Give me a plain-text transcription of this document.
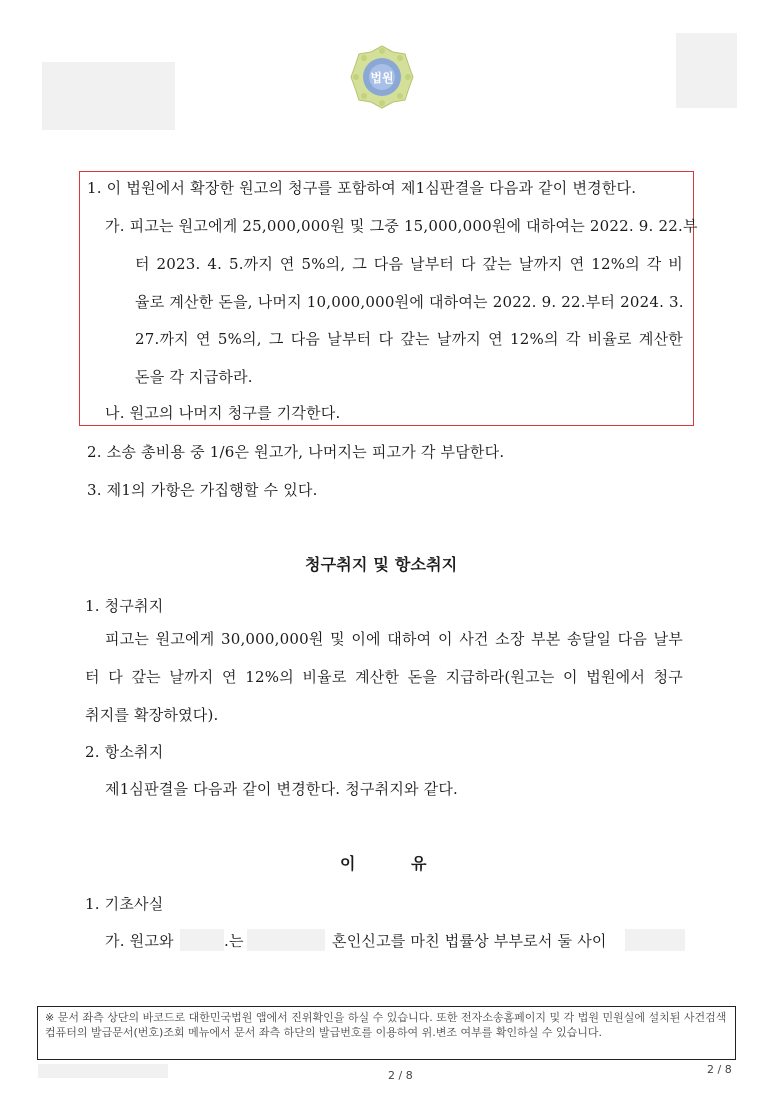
법원
1. 이 법원에서 확장한 원고의 청구를 포함하여 제1심판결을 다음과 같이 변경한다.
가. 피고는 원고에게 25,000,000원 및 그중 15,000,000원에 대하여는 2022. 9. 22.부
터 2023. 4. 5.까지 연 5%의, 그 다음 날부터 다 갚는 날까지 연 12%의 각 비
율로 계산한 돈을, 나머지 10,000,000원에 대하여는 2022. 9. 22.부터 2024. 3.
27.까지 연 5%의, 그 다음 날부터 다 갚는 날까지 연 12%의 각 비율로 계산한
돈을 각 지급하라.
나. 원고의 나머지 청구를 기각한다.
2. 소송 총비용 중 1/6은 원고가, 나머지는 피고가 각 부담한다.
3. 제1의 가항은 가집행할 수 있다.
청구취지 및 항소취지
1. 청구취지
피고는 원고에게 30,000,000원 및 이에 대하여 이 사건 소장 부본 송달일 다음 날부
터 다 갚는 날까지 연 12%의 비율로 계산한 돈을 지급하라(원고는 이 법원에서 청구
취지를 확장하였다).
2. 항소취지
제1심판결을 다음과 같이 변경한다. 청구취지와 같다.
이	유
1. 기초사실
가. 원고와	.는	혼인신고를 마친 법률상 부부로서 둘 사이
※ 문서 좌측 상단의 바코드로 대한민국법원 앱에서 진위확인을 하실 수 있습니다. 또한 전자소송홈페이지 및 각 법원 민원실에 설치된 사건검색 컴퓨터의 발급문서(번호)조회 메뉴에서 문서 좌측 하단의 발급번호를 이용하여 위.변조 여부를 확인하실 수 있습니다.
2 / 8	2 / 8
